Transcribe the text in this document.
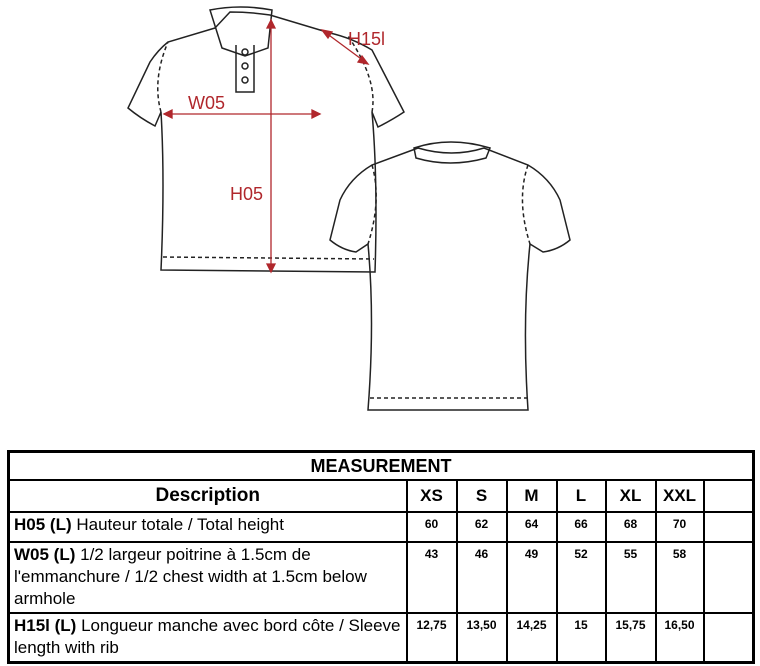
W05
H05
H15l
MEASUREMENT							
Description	XS	S	M	L	XL	XXL	
H05 (L) Hauteur totale / Total height	60	62	64	66	68	70	
W05 (L) 1/2 largeur poitrine à 1.5cm de l'emmanchure / 1/2 chest width at 1.5cm below armhole	43	46	49	52	55	58	
H15l (L) Longueur manche avec bord côte / Sleeve length with rib	12,75	13,50	14,25	15	15,75	16,50	
